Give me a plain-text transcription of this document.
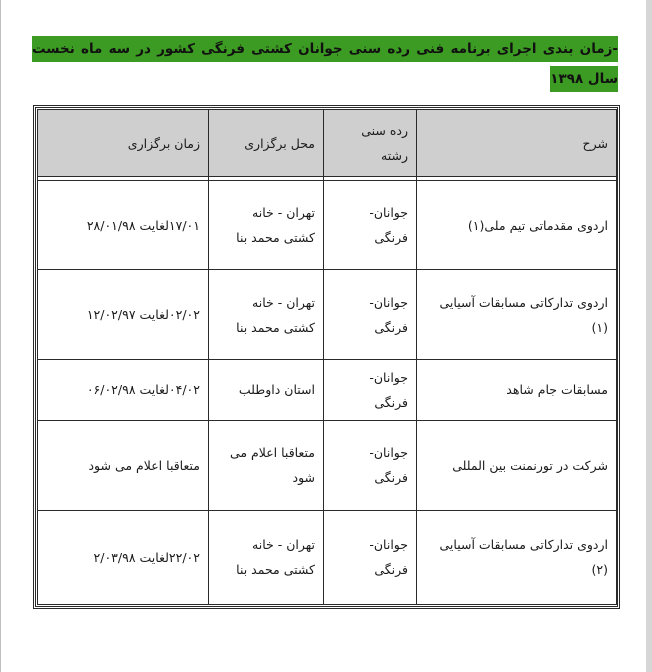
-زمان بندی اجرای برنامه فنی رده سنی جوانان کشتی فرنگی کشور در سه ماه نخست سال ۱۳۹۸
شرح	رده سنی رشته	محل برگزاری	زمان برگزاری

اردوی مقدماتی تیم ملی(۱)	جوانان- فرنگی	تهران - خانه کشتی محمد بنا	۱۷/۰۱لغایت ۲۸/۰۱/۹۸
اردوی تدارکاتی مسابقات آسیایی (۱)	جوانان- فرنگی	تهران - خانه کشتی محمد بنا	۰۲/۰۲لغایت ۱۲/۰۲/۹۷
مسابقات جام شاهد	جوانان- فرنگی	استان داوطلب	۰۴/۰۲لغایت ۰۶/۰۲/۹۸
شرکت در تورنمنت بین المللی	جوانان- فرنگی	متعاقبا اعلام می شود	متعاقبا اعلام می شود
اردوی تدارکاتی مسابقات آسیایی (۲)	جوانان- فرنگی	تهران - خانه کشتی محمد بنا	۲۲/۰۲لغایت ۲/۰۳/۹۸
